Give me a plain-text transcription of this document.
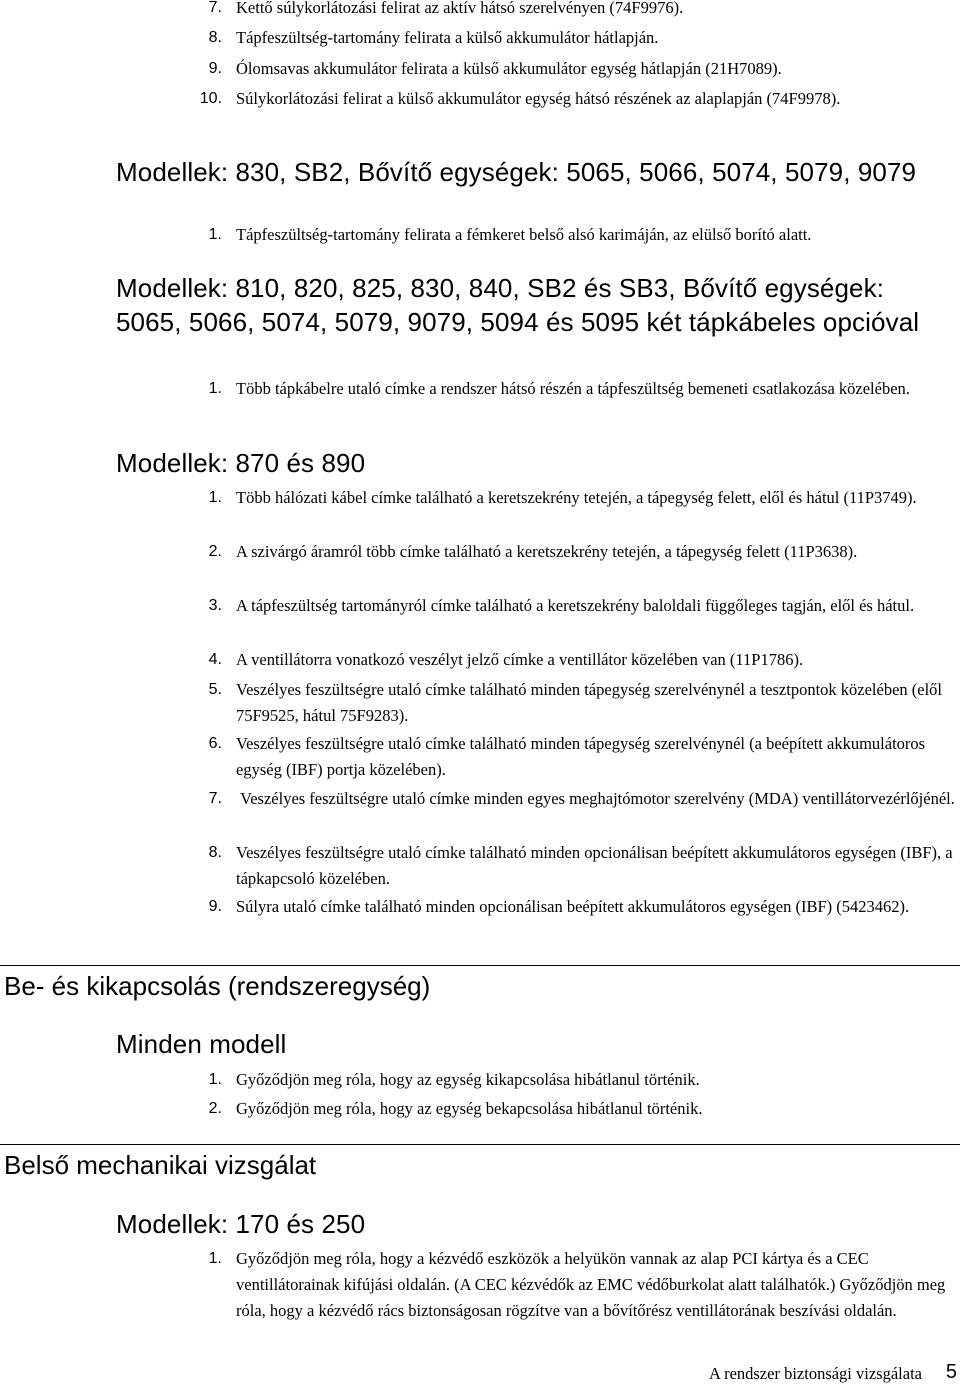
7. Kettő súlykorlátozási felirat az aktív hátsó szerelvényen (74F9976).
8. Tápfeszültség-tartomány felirata a külső akkumulátor hátlapján.
9. Ólomsavas akkumulátor felirata a külső akkumulátor egység hátlapján (21H7089).
10. Súlykorlátozási felirat a külső akkumulátor egység hátsó részének az alaplapján (74F9978).
Modellek: 830, SB2, Bővítő egységek: 5065, 5066, 5074, 5079, 9079
1. Tápfeszültség-tartomány felirata a fémkeret belső alsó karimáján, az elülső borító alatt.
Modellek: 810, 820, 825, 830, 840, SB2 és SB3, Bővítő egységek: 5065, 5066, 5074, 5079, 9079, 5094 és 5095 két tápkábeles opcióval
1. Több tápkábelre utaló címke a rendszer hátsó részén a tápfeszültség bemeneti csatlakozása közelében.
Modellek: 870 és 890
1. Több hálózati kábel címke található a keretszekrény tetején, a tápegység felett, elől és hátul (11P3749).
2. A szivárgó áramról több címke található a keretszekrény tetején, a tápegység felett (11P3638).
3. A tápfeszültség tartományról címke található a keretszekrény baloldali függőleges tagján, elől és hátul.
4. A ventillátorra vonatkozó veszélyt jelző címke a ventillátor közelében van (11P1786).
5. Veszélyes feszültségre utaló címke található minden tápegység szerelvénynél a tesztpontok közelében (elől 75F9525, hátul 75F9283).
6. Veszélyes feszültségre utaló címke található minden tápegység szerelvénynél (a beépített akkumulátoros egység (IBF) portja közelében).
7. Veszélyes feszültségre utaló címke minden egyes meghajtómotor szerelvény (MDA) ventillátorvezérlőjénél.
8. Veszélyes feszültségre utaló címke található minden opcionálisan beépített akkumulátoros egységen (IBF), a tápkapcsoló közelében.
9. Súlyra utaló címke található minden opcionálisan beépített akkumulátoros egységen (IBF) (5423462).
Be- és kikapcsolás (rendszeregység)
Minden modell
1. Győződjön meg róla, hogy az egység kikapcsolása hibátlanul történik.
2. Győződjön meg róla, hogy az egység bekapcsolása hibátlanul történik.
Belső mechanikai vizsgálat
Modellek: 170 és 250
1. Győződjön meg róla, hogy a kézvédő eszközök a helyükön vannak az alap PCI kártya és a CEC ventillátorainak kifújási oldalán. (A CEC kézvédők az EMC védőburkolat alatt találhatók.) Győződjön meg róla, hogy a kézvédő rács biztonságosan rögzítve van a bővítőrész ventillátorának beszívási oldalán.
A rendszer biztonsági vizsgálata 5
